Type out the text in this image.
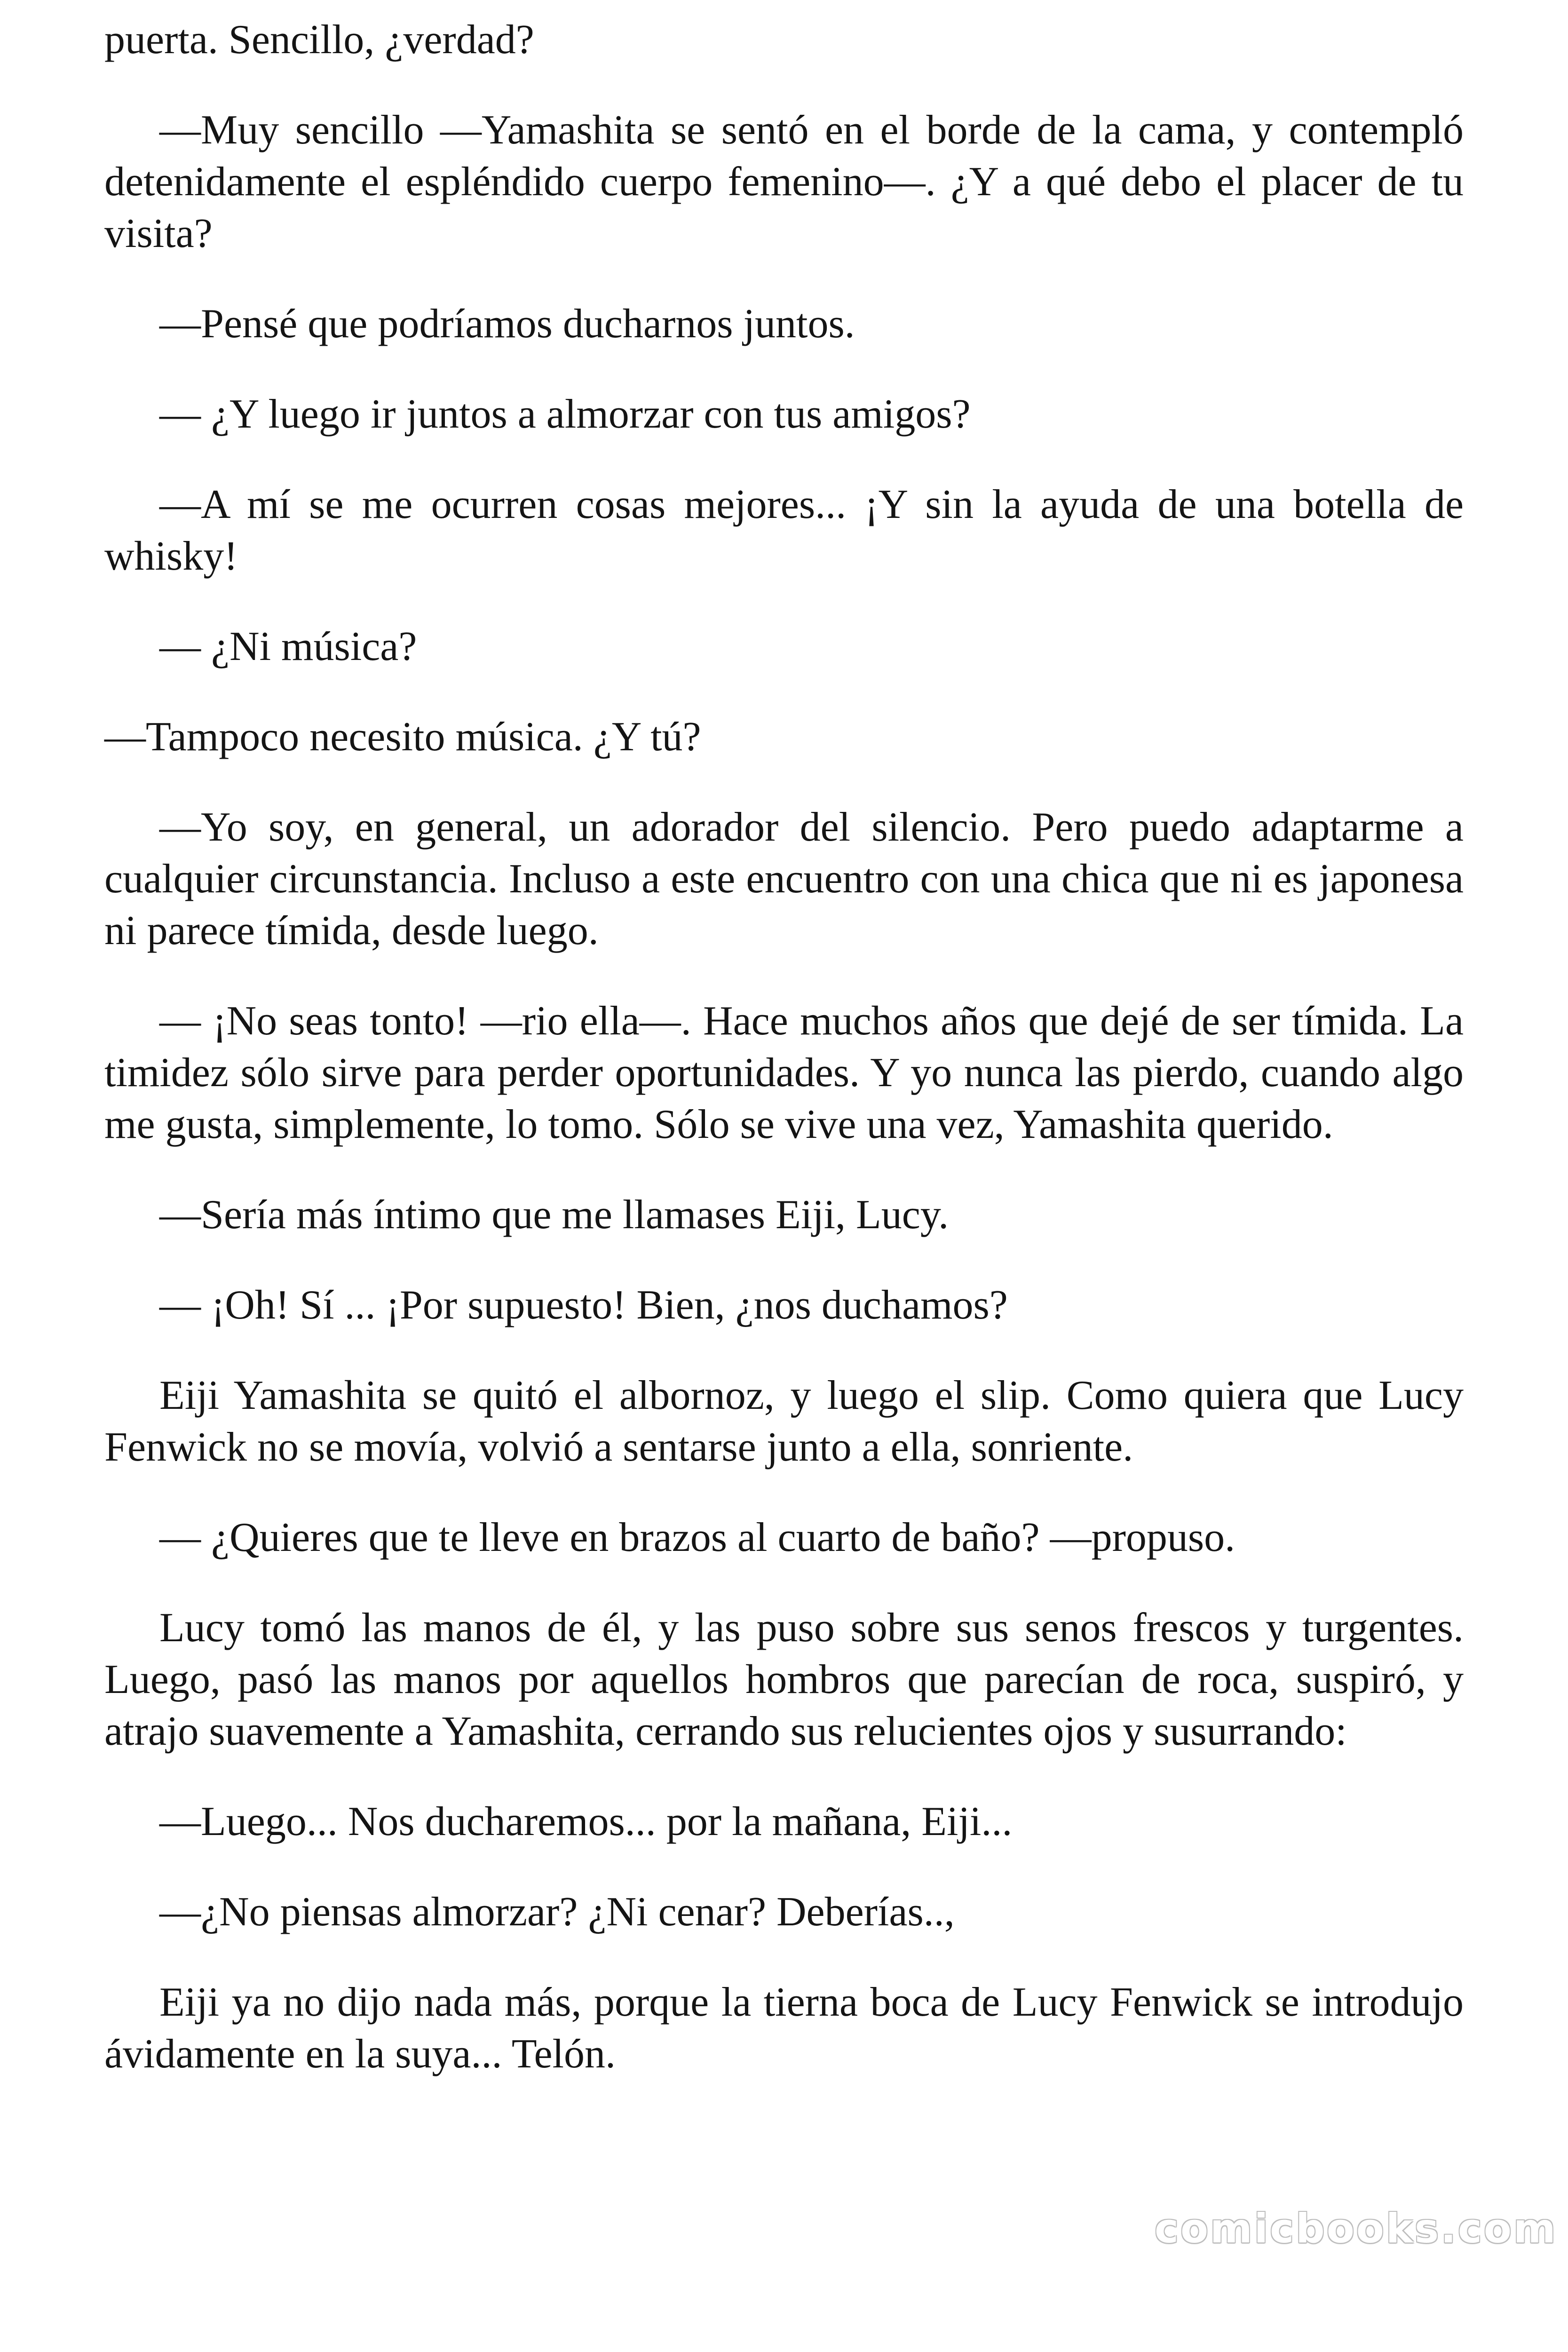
puerta. Sencillo, ¿verdad?

—Muy sencillo —Yamashita se sentó en el borde de la cama, y contempló detenidamente el espléndido cuerpo femenino—. ¿Y a qué debo el placer de tu visita?

—Pensé que podríamos ducharnos juntos.

— ¿Y luego ir juntos a almorzar con tus amigos?

—A mí se me ocurren cosas mejores... ¡Y sin la ayuda de una botella de whisky!

— ¿Ni música?

—Tampoco necesito música. ¿Y tú?

—Yo soy, en general, un adorador del silencio. Pero puedo adaptarme a cualquier circunstancia. Incluso a este encuentro con una chica que ni es japonesa ni parece tímida, desde luego.

— ¡No seas tonto! —rio ella—. Hace muchos años que dejé de ser tímida. La timidez sólo sirve para perder oportunidades. Y yo nunca las pierdo, cuando algo me gusta, simplemente, lo tomo. Sólo se vive una vez, Yamashita querido.

—Sería más íntimo que me llamases Eiji, Lucy.

— ¡Oh! Sí ... ¡Por supuesto! Bien, ¿nos duchamos?

Eiji Yamashita se quitó el albornoz, y luego el slip. Como quiera que Lucy Fenwick no se movía, volvió a sentarse junto a ella, sonriente.

— ¿Quieres que te lleve en brazos al cuarto de baño? —propuso.

Lucy tomó las manos de él, y las puso sobre sus senos frescos y turgentes. Luego, pasó las manos por aquellos hombros que parecían de roca, suspiró, y atrajo suavemente a Yamashita, cerrando sus relucientes ojos y susurrando:

—Luego... Nos ducharemos... por la mañana, Eiji...

—¿No piensas almorzar? ¿Ni cenar? Deberías..,

Eiji ya no dijo nada más, porque la tierna boca de Lucy Fenwick se introdujo ávidamente en la suya... Telón.

comicbooks.com
